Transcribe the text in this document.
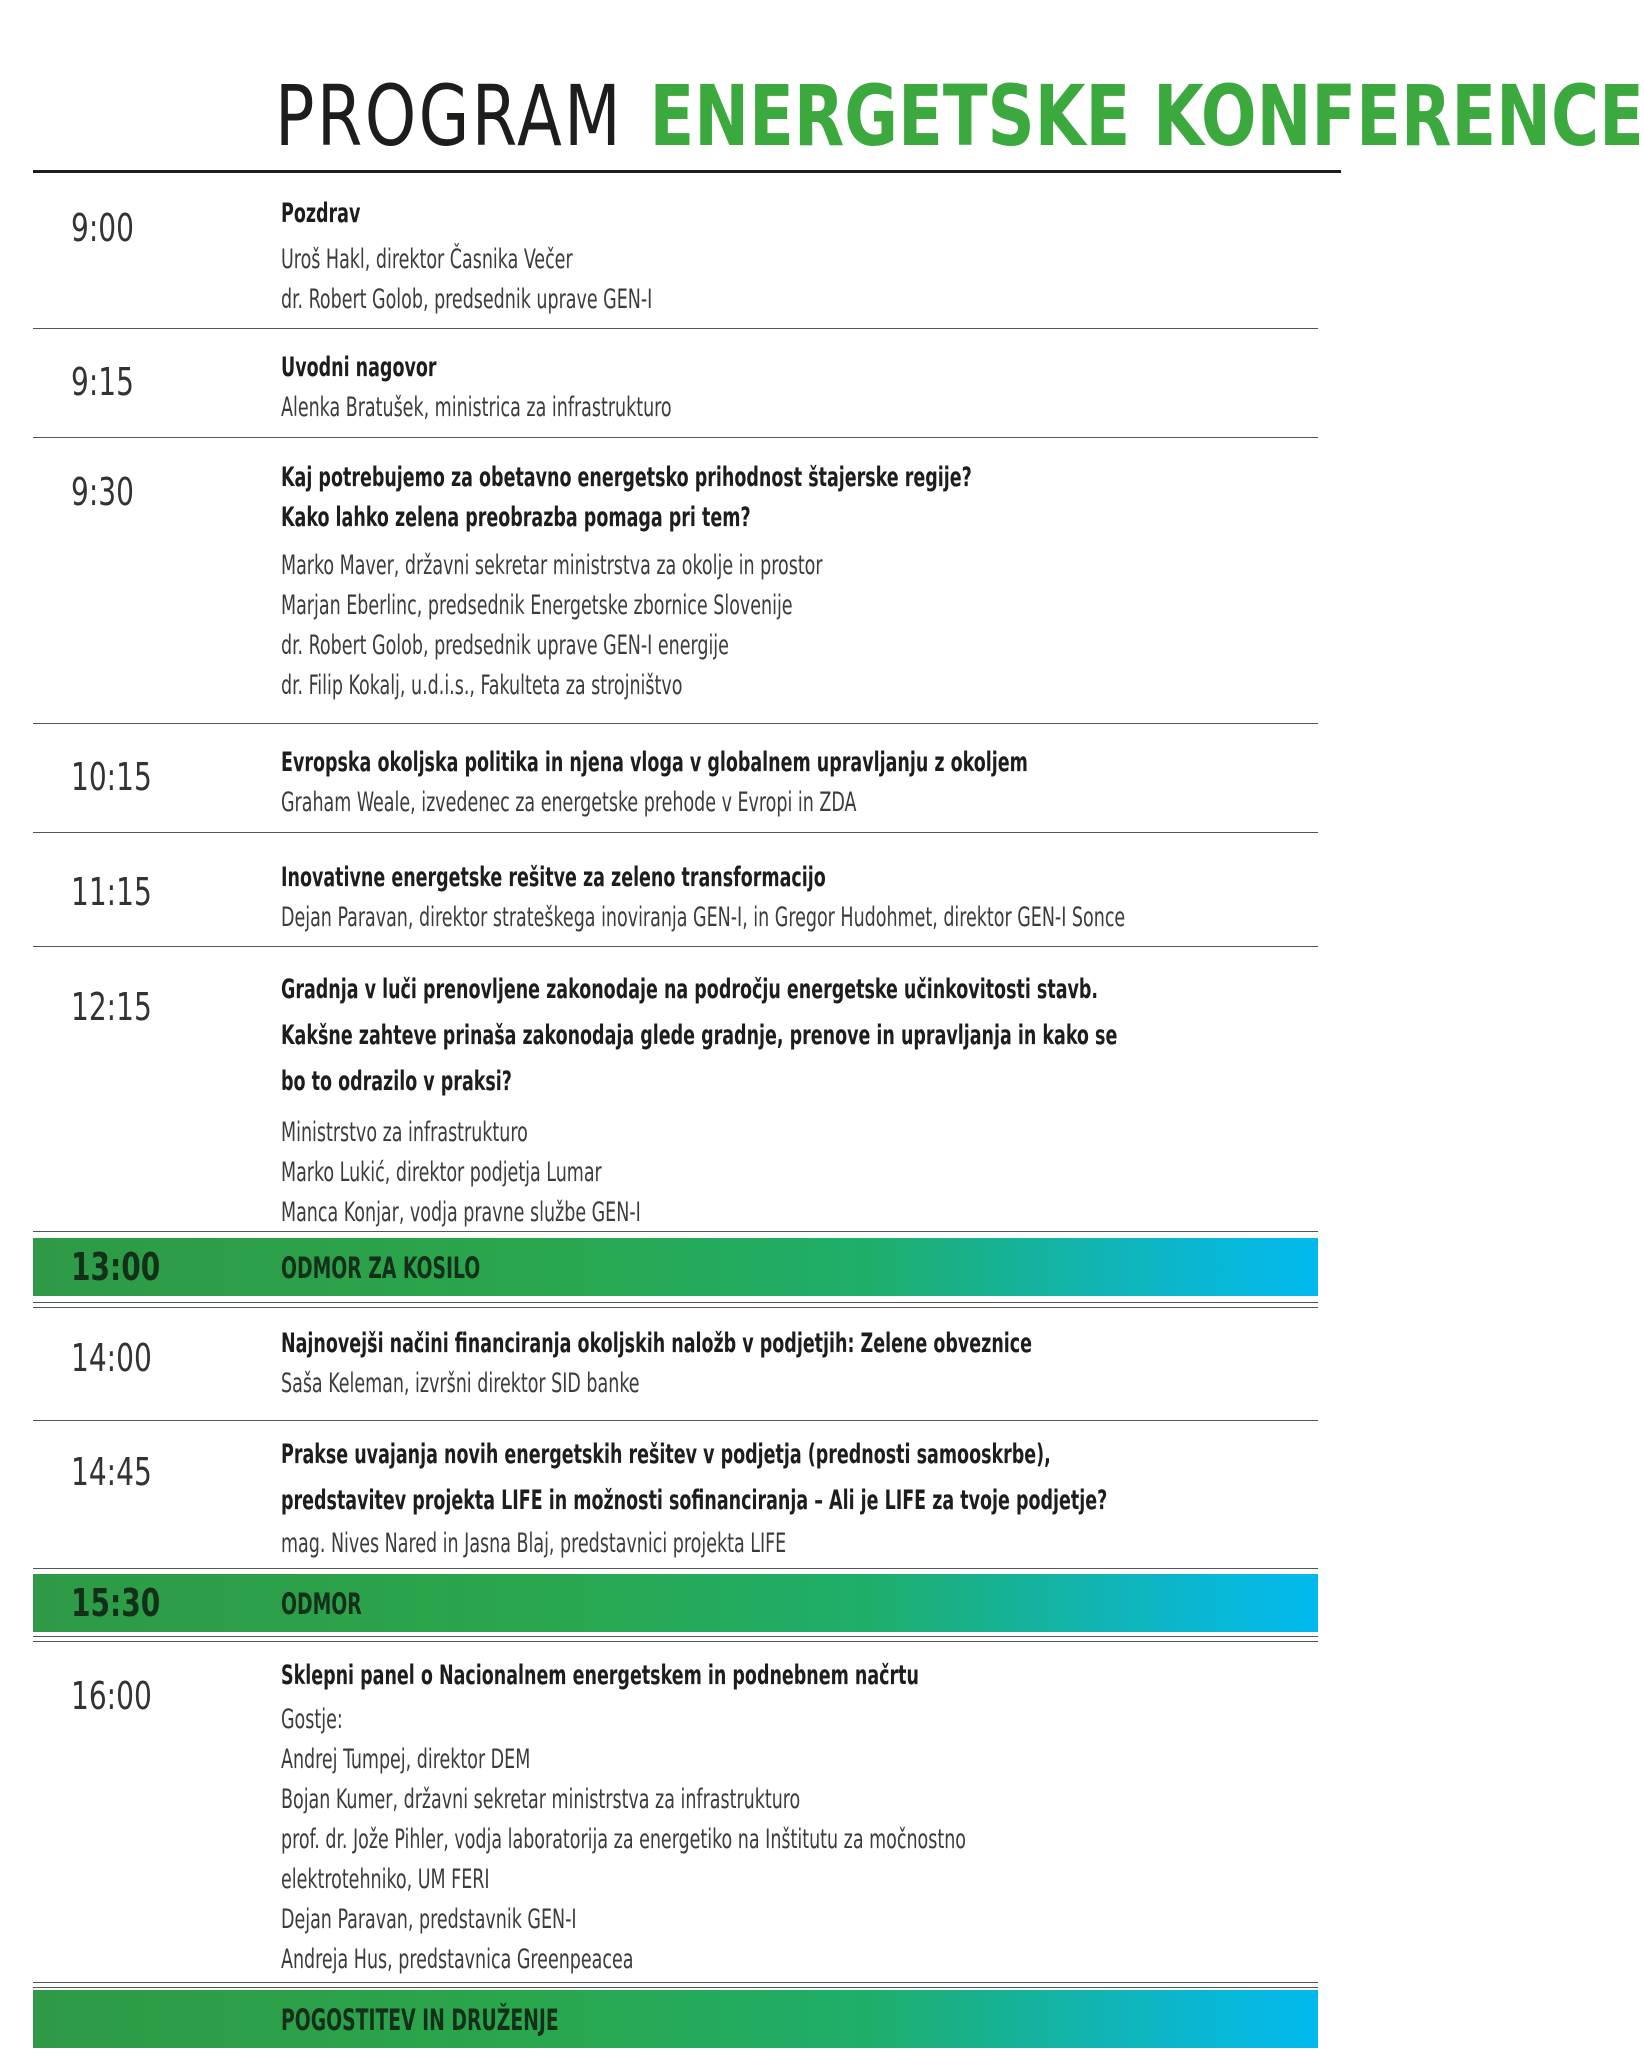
PROGRAM ENERGETSKE KONFERENCE
9:00	Pozdrav
Uroš Hakl, direktor Časnika Večer
dr. Robert Golob, predsednik uprave GEN-I
9:15	Uvodni nagovor
Alenka Bratušek, ministrica za infrastrukturo
9:30	Kaj potrebujemo za obetavno energetsko prihodnost štajerske regije?
Kako lahko zelena preobrazba pomaga pri tem?
Marko Maver, državni sekretar ministrstva za okolje in prostor
Marjan Eberlinc, predsednik Energetske zbornice Slovenije
dr. Robert Golob, predsednik uprave GEN-I energije
dr. Filip Kokalj, u.d.i.s., Fakulteta za strojništvo
10:15	Evropska okoljska politika in njena vloga v globalnem upravljanju z okoljem
Graham Weale, izvedenec za energetske prehode v Evropi in ZDA
11:15	Inovativne energetske rešitve za zeleno transformacijo
Dejan Paravan, direktor strateškega inoviranja GEN-I, in Gregor Hudohmet, direktor GEN-I Sonce
12:15	Gradnja v luči prenovljene zakonodaje na področju energetske učinkovitosti stavb.
Kakšne zahteve prinaša zakonodaja glede gradnje, prenove in upravljanja in kako se
bo to odrazilo v praksi?
Ministrstvo za infrastrukturo
Marko Lukić, direktor podjetja Lumar
Manca Konjar, vodja pravne službe GEN-I
13:00	ODMOR ZA KOSILO
14:00	Najnovejši načini financiranja okoljskih naložb v podjetjih: Zelene obveznice
Saša Keleman, izvršni direktor SID banke
14:45	Prakse uvajanja novih energetskih rešitev v podjetja (prednosti samooskrbe),
predstavitev projekta LIFE in možnosti sofinanciranja – Ali je LIFE za tvoje podjetje?
mag. Nives Nared in Jasna Blaj, predstavnici projekta LIFE
15:30	ODMOR
16:00	Sklepni panel o Nacionalnem energetskem in podnebnem načrtu
Gostje:
Andrej Tumpej, direktor DEM
Bojan Kumer, državni sekretar ministrstva za infrastrukturo
prof. dr. Jože Pihler, vodja laboratorija za energetiko na Inštitutu za močnostno
elektrotehniko, UM FERI
Dejan Paravan, predstavnik GEN-I
Andreja Hus, predstavnica Greenpeacea
POGOSTITEV IN DRUŽENJE
